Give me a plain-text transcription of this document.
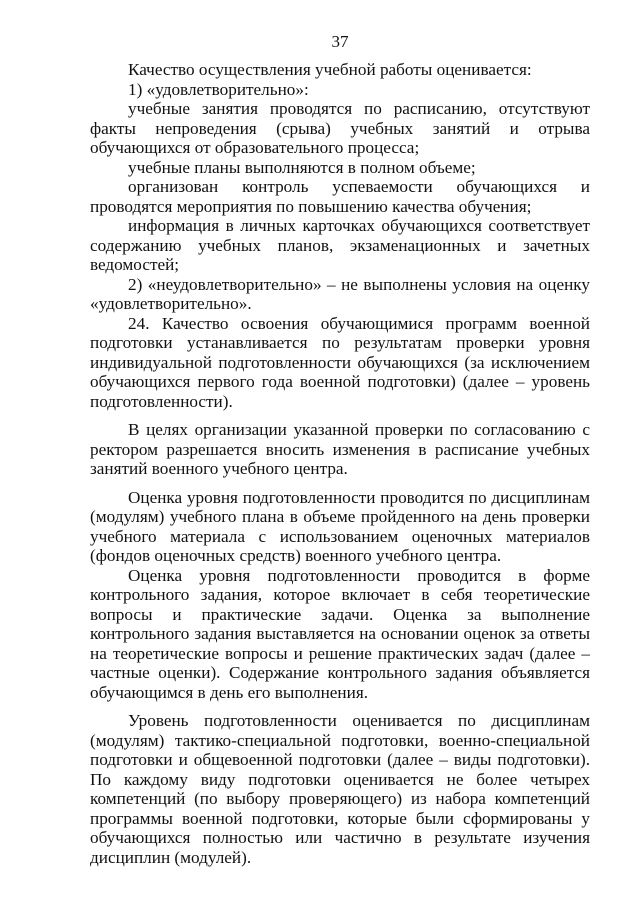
37

Качество осуществления учебной работы оценивается:

1) «удовлетворительно»:

учебные занятия проводятся по расписанию, отсутствуют факты непроведения (срыва) учебных занятий и отрыва обучающихся от образовательного процесса;

учебные планы выполняются в полном объеме;

организован контроль успеваемости обучающихся и проводятся мероприятия по повышению качества обучения;

информация в личных карточках обучающихся соответствует содержанию учебных планов, экзаменационных и зачетных ведомостей;

2) «неудовлетворительно» – не выполнены условия на оценку «удовлетворительно».

24. Качество освоения обучающимися программ военной подготовки устанавливается по результатам проверки уровня индивидуальной подготовленности обучающихся (за исключением обучающихся первого года военной подготовки) (далее – уровень подготовленности).

В целях организации указанной проверки по согласованию с ректором разрешается вносить изменения в расписание учебных занятий военного учебного центра.

Оценка уровня подготовленности проводится по дисциплинам (модулям) учебного плана в объеме пройденного на день проверки учебного материала с использованием оценочных материалов (фондов оценочных средств) военного учебного центра.

Оценка уровня подготовленности проводится в форме контрольного задания, которое включает в себя теоретические вопросы и практические задачи. Оценка за выполнение контрольного задания выставляется на основании оценок за ответы на теоретические вопросы и решение практических задач (далее – частные оценки). Содержание контрольного задания объявляется обучающимся в день его выполнения.

Уровень подготовленности оценивается по дисциплинам (модулям) тактико-специальной подготовки, военно-специальной подготовки и общевоенной подготовки (далее – виды подготовки). По каждому виду подготовки оценивается не более четырех компетенций (по выбору проверяющего) из набора компетенций программы военной подготовки, которые были сформированы у обучающихся полностью или частично в результате изучения дисциплин (модулей).
